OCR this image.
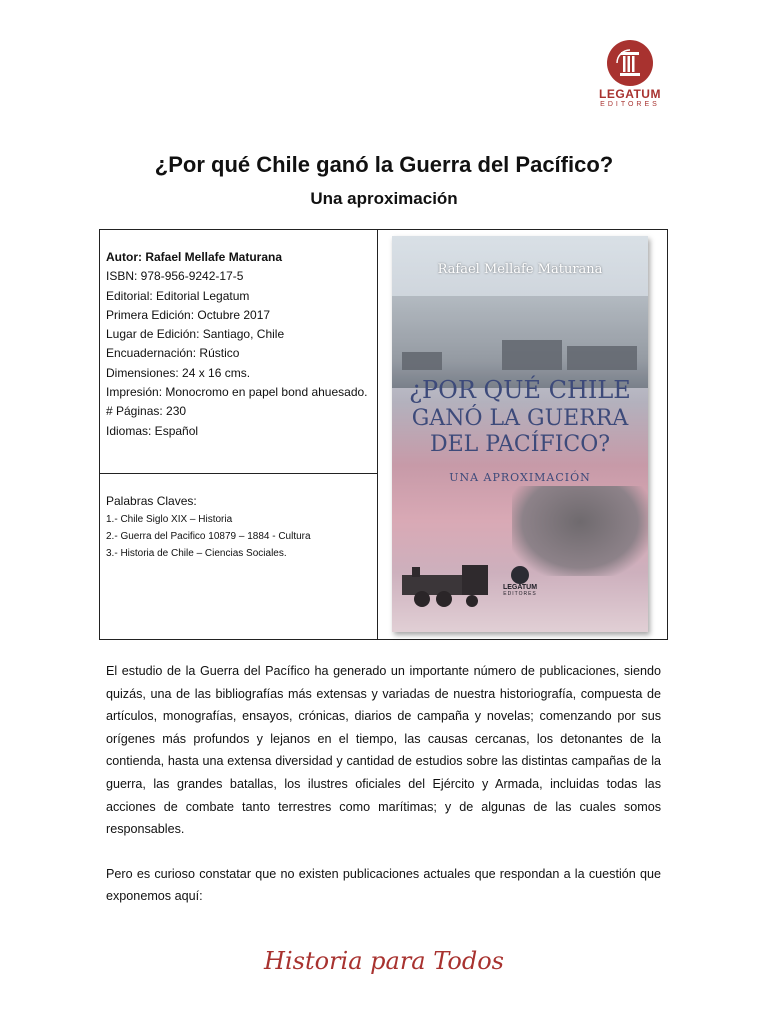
LEGATUM
EDITORES
¿Por qué Chile ganó la Guerra del Pacífico?
Una aproximación
Autor: Rafael Mellafe Maturana
ISBN: 978-956-9242-17-5
Editorial: Editorial Legatum
Primera Edición: Octubre 2017
Lugar de Edición: Santiago, Chile
Encuadernación: Rústico
Dimensiones: 24 x 16 cms.
Impresión: Monocromo en papel bond ahuesado.
# Páginas: 230
Idiomas: Español
Palabras Claves:
1.- Chile Siglo XIX – Historia
2.- Guerra del Pacifico 10879 – 1884 - Cultura
3.- Historia de Chile – Ciencias Sociales.
Rafael Mellafe Maturana
¿POR QUÉ CHILE
GANÓ LA GUERRA
DEL PACÍFICO?
UNA APROXIMACIÓN
LEGATUM
EDITORES

El estudio de la Guerra del Pacífico ha generado un importante número de publicaciones, siendo quizás, una de las bibliografías más extensas y variadas de nuestra historiografía, compuesta de artículos, monografías, ensayos, crónicas, diarios de campaña y novelas; comenzando por sus orígenes más profundos y lejanos en el tiempo, las causas cercanas, los detonantes de la contienda, hasta una extensa diversidad y cantidad de estudios sobre las distintas campañas de la guerra, las grandes batallas, los ilustres oficiales del Ejército y Armada, incluidas todas las acciones de combate tanto terrestres como marítimas; y de algunas de las cuales somos responsables.

Pero es curioso constatar que no existen publicaciones actuales que respondan a la cuestión que exponemos aquí:

Historia para Todos
